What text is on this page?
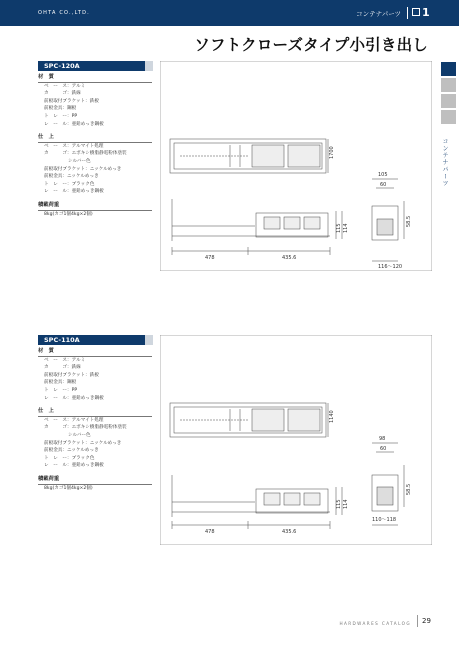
OHTA CO.,LTD.	コンテナパーツ	1
ソフトクローズタイプ小引き出し
コンテナパーツ
SPC-120A
材　質
ベ　ー　ス：アルミ
カ　　　ゴ：鉄線
前板取付ブラケット：鉄板
前板金具：鋼板
ト　レ　ー：PP
レ　ー　ル：亜鉛めっき鋼板
仕　上
ベ　ー　ス：アルマイト処理
カ　　　ゴ：エポキシ樹脂静電粉体塗装
シルバー色
前板取付ブラケット：ニッケルめっき
前板金具：ニッケルめっき
ト　レ　ー：ブラック色
レ　ー　ル：亜鉛めっき鋼板
積載荷重
8kg(カゴ1個4kg×2個)
1700
478	435.6
115 114
105
60
58.5
116〜120
SPC-110A
材　質
ベ　ー　ス：アルミ
カ　　　ゴ：鉄線
前板取付ブラケット：鉄板
前板金具：鋼板
ト　レ　ー：PP
レ　ー　ル：亜鉛めっき鋼板
仕　上
ベ　ー　ス：アルマイト処理
カ　　　ゴ：エポキシ樹脂静電粉体塗装
シルバー色
前板取付ブラケット：ニッケルめっき
前板金具：ニッケルめっき
ト　レ　ー：ブラック色
レ　ー　ル：亜鉛めっき鋼板
積載荷重
8kg(カゴ1個4kg×2個)
1140
478	435.6
115 114
98
60
58.5
110〜118
HARDWARES CATALOG 29
